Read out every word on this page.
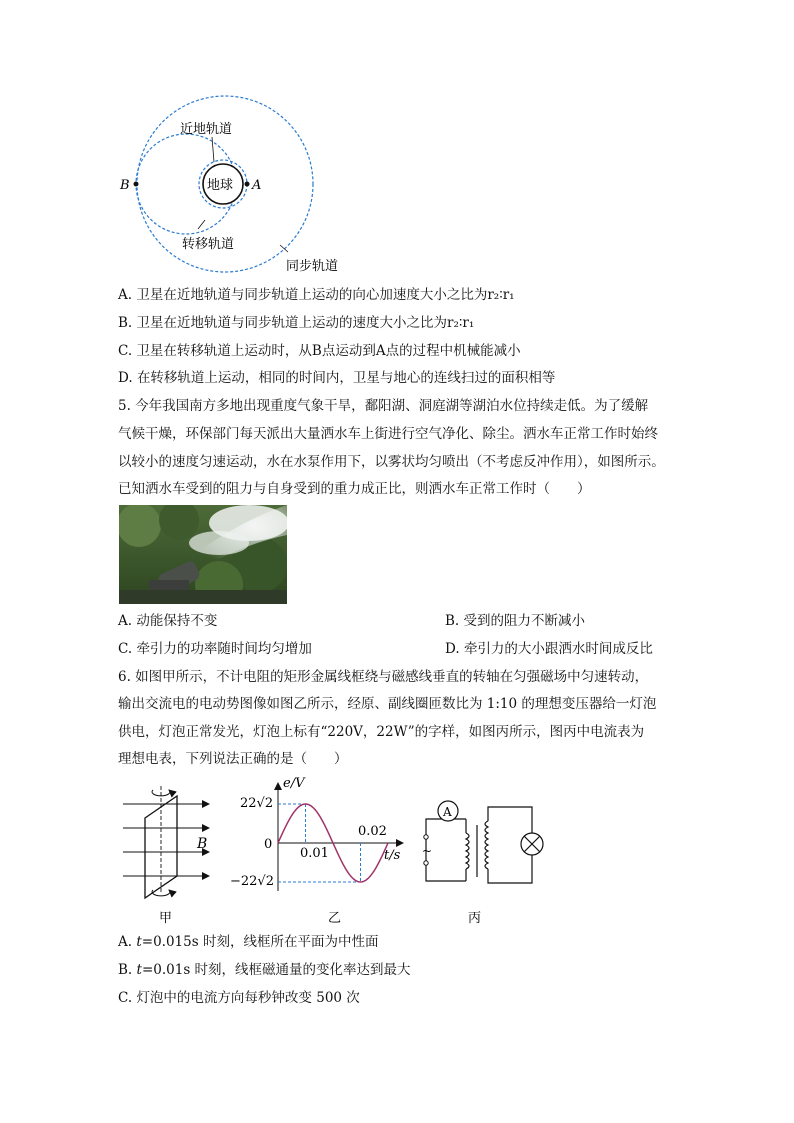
地球 A
B
近地轨道
转移轨道
同步轨道
A. 卫星在近地轨道与同步轨道上运动的向心加速度大小之比为r₂∶r₁
B. 卫星在近地轨道与同步轨道上运动的速度大小之比为r₂∶r₁
C. 卫星在转移轨道上运动时，从B点运动到A点的过程中机械能减小
D. 在转移轨道上运动，相同的时间内，卫星与地心的连线扫过的面积相等
5. 今年我国南方多地出现重度气象干旱，鄱阳湖、洞庭湖等湖泊水位持续走低。为了缓解
气候干燥，环保部门每天派出大量洒水车上街进行空气净化、除尘。洒水车正常工作时始终
以较小的速度匀速运动，水在水泵作用下，以雾状均匀喷出（不考虑反冲作用），如图所示。
已知洒水车受到的阻力与自身受到的重力成正比，则洒水车正常工作时（　　）
A. 动能保持不变	B. 受到的阻力不断减小
C. 牵引力的功率随时间均匀增加	D. 牵引力的大小跟洒水时间成反比
6. 如图甲所示，不计电阻的矩形金属线框绕与磁感线垂直的转轴在匀强磁场中匀速转动，
输出交流电的电动势图像如图乙所示，经原、副线圈匝数比为 1:10 的理想变压器给一灯泡
供电，灯泡正常发光，灯泡上标有“220V，22W”的字样，如图丙所示，图丙中电流表为
理想电表，下列说法正确的是（　　）
B
甲
e/V
t/s
22√2
0
−22√2
0.01
0.02
乙
A
~
丙
A. t=0.015s 时刻，线框所在平面为中性面
B. t=0.01s 时刻，线框磁通量的变化率达到最大
C. 灯泡中的电流方向每秒钟改变 500 次
